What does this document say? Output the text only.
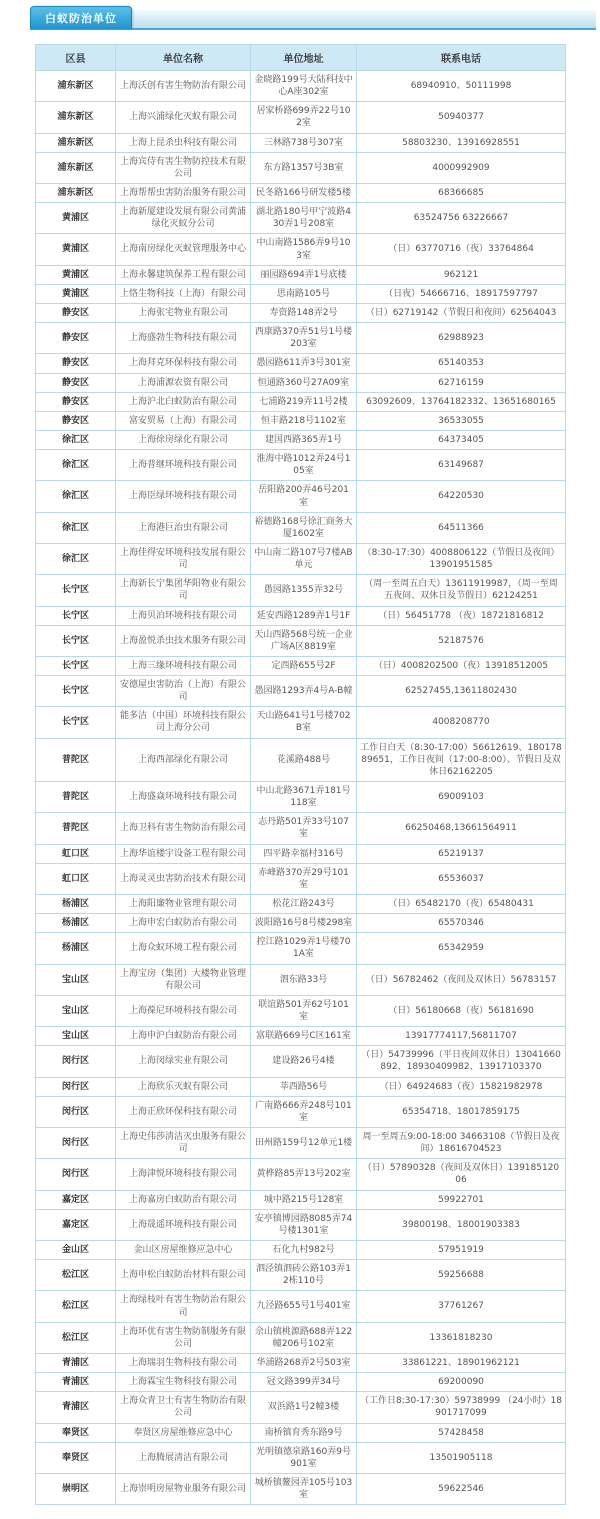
白蚁防治单位
区县	单位名称	单位地址	联系电话
浦东新区	上海沃创有害生物防治有限公司	金晓路199号大陆科技中心A座302室	68940910、50111998
浦东新区	上海兴浦绿化灭蚁有限公司	居家桥路699弄22号102室	50940377
浦东新区	上海上昆杀虫科技有限公司	三林路738号307室	58803230、13916928551
浦东新区	上海宾侍有害生物防控技术有限公司	东方路1357号3B室	4000992909
浦东新区	上海帮帮虫害防治服务有限公司	民冬路166号研发楼5楼	68366685
黄浦区	上海新厦建设发展有限公司黄浦绿化灭蚁分公司	湖北路180号甲宁波路430弄1号208室	63524756 63226667
黄浦区	上海南房绿化灭蚁管理服务中心	中山南路1586弄9号103室	（日）63770716（夜）33764864
黄浦区	上海永馨建筑保养工程有限公司	丽园路694弄1号底楼	962121
黄浦区	上恪生物科技（上海）有限公司	思南路105号	（日夜）54666716、18917597797
静安区	上海张宅物业有限公司	寿资路148弄2号	（日）62719142（节假日和夜间）62564043
静安区	上海盛勃生物科技有限公司	西康路370弄51号1号楼203室	62988923
静安区	上海拜克环保科技有限公司	愚园路611弄3号301室	65140353
静安区	上海浦源农资有限公司	恒通路360号27A09室	62716159
静安区	上海沪北白蚁防治有限公司	七浦路219弄11号2楼	63092609、13764182332、13651680165
静安区	富安贸易（上海）有限公司	恒丰路218号1102室	36533055
徐汇区	上海徐房绿化有限公司	建国西路365弄1号	64373405
徐汇区	上海普继环境科技有限公司	淮海中路1012弄24号105室	63149687
徐汇区	上海臣绿环境科技有限公司	岳阳路200弄46号201室	64220530
徐汇区	上海港巨治虫有限公司	裕德路168号徐汇商务大厦1602室	64511366
徐汇区	上海佳得安环境科技发展有限公司	中山南二路107号7楼AB单元	（8:30-17:30）4008806122（节假日及夜间）13901951585
长宁区	上海新长宁集团华阳物业有限公司	愚园路1355弄32号	（周一至周五白天）13611919987，（周一至周五夜间、双休日及节假日）62124251
长宁区	上海贝泊环境科技有限公司	延安西路1289弄1号1F	（日）56451778 （夜）18721816812
长宁区	上海盈悦杀虫技术服务有限公司	天山西路568号统一企业广场A区8819室	52187576
长宁区	上海三缘环境科技有限公司	定西路655号2F	（日）4008202500（夜）13918512005
长宁区	安德屋虫害防治（上海）有限公司	愚园路1293弄4号A-B幢	62527455,13611802430
长宁区	能多洁（中国）环境科技有限公司上海分公司	天山路641号1号楼702B室	4008208770
普陀区	上海西部绿化有限公司	花溪路488号	工作日白天（8:30-17:00）56612619、18017889651，工作日夜间（17:00-8:00）、节假日及双休日62162205
普陀区	上海盛焱环境科技有限公司	中山北路3671弄181号118室	69009103
普陀区	上海卫科有害生物防治有限公司	志丹路501弄33号107室	66250468,13661564911
虹口区	上海华谊楼宇设备工程有限公司	四平路幸福村316号	65219137
虹口区	上海灵灵虫害防治技术有限公司	赤峰路370弄29号101室	65536037
杨浦区	上海阳廉物业管理有限公司	松花江路243号	（日）65482170（夜）65480431
杨浦区	上海申宏白蚁防治有限公司	波阳路16号8号楼298室	65570346
杨浦区	上海众蚁环境工程有限公司	控江路1029弄1号楼701A室	65342959
宝山区	上海宝房（集团）大楼物业管理有限公司	泗东路33号	（日）56782462（夜间及双休日）56783157
宝山区	上海葆尼环境科技有限公司	联谊路501弄62号101室	（日）56180668（夜）56181690
宝山区	上海申沪白蚁防治有限公司	富联路669号C区161室	13917774117,56811707
闵行区	上海闵绿实业有限公司	建设路26号4楼	（日）54739996（平日夜间双休日）13041660892、18930409982、13917103370
闵行区	上海欣乐灭蚁有限公司	莘西路56号	（日）64924683（夜）15821982978
闵行区	上海正欣环保科技有限公司	广南路666弄248号101室	65354718、18017859175
闵行区	上海史伟莎清洁灭虫服务有限公司	田州路159号12单元1楼	周一至周五9:00-18:00 34663108（节假日及夜间）18616704523
闵行区	上海津悦环境科技有限公司	黄桦路85弄13号202室	（日）57890328（夜间及双休日）13918512006
嘉定区	上海嘉房白蚁防治有限公司	城中路215号128室	59922701
嘉定区	上海晟遥环境科技有限公司	安亭镇博园路8085弄74号楼1301室	39800198、18001903383
金山区	金山区房屋维修应急中心	石化九村982号	57951919
松江区	上海申松白蚁防治材料有限公司	泗泾镇泗砖公路103弄12栋110号	59256688
松江区	上海绿枝叶有害生物防治有限公司	九泾路655号1号401室	37761267
松江区	上海环优有害生物防制服务有限公司	佘山镇桃源路688弄122幢206号102室	13361818230
青浦区	上海瑞羽生物科技有限公司	华浦路268弄2号503室	33861221、18901962121
青浦区	上海霖宝生物科技有限公司	冠文路399弄34号	69200090
青浦区	上海众青卫士有害生物防治有限公司	双浜路1号2幢3楼	（工作日8:30-17:30）59738999 （24小时）18901717099
奉贤区	奉贤区房屋维修应急中心	南桥镇育秀东路9号	57428458
奉贤区	上海腾展清洁有限公司	光明镇德泉路160弄9号901室	13501905118
崇明区	上海崇明房屋物业服务有限公司	城桥镇鳌园弄105号103室	59622546
